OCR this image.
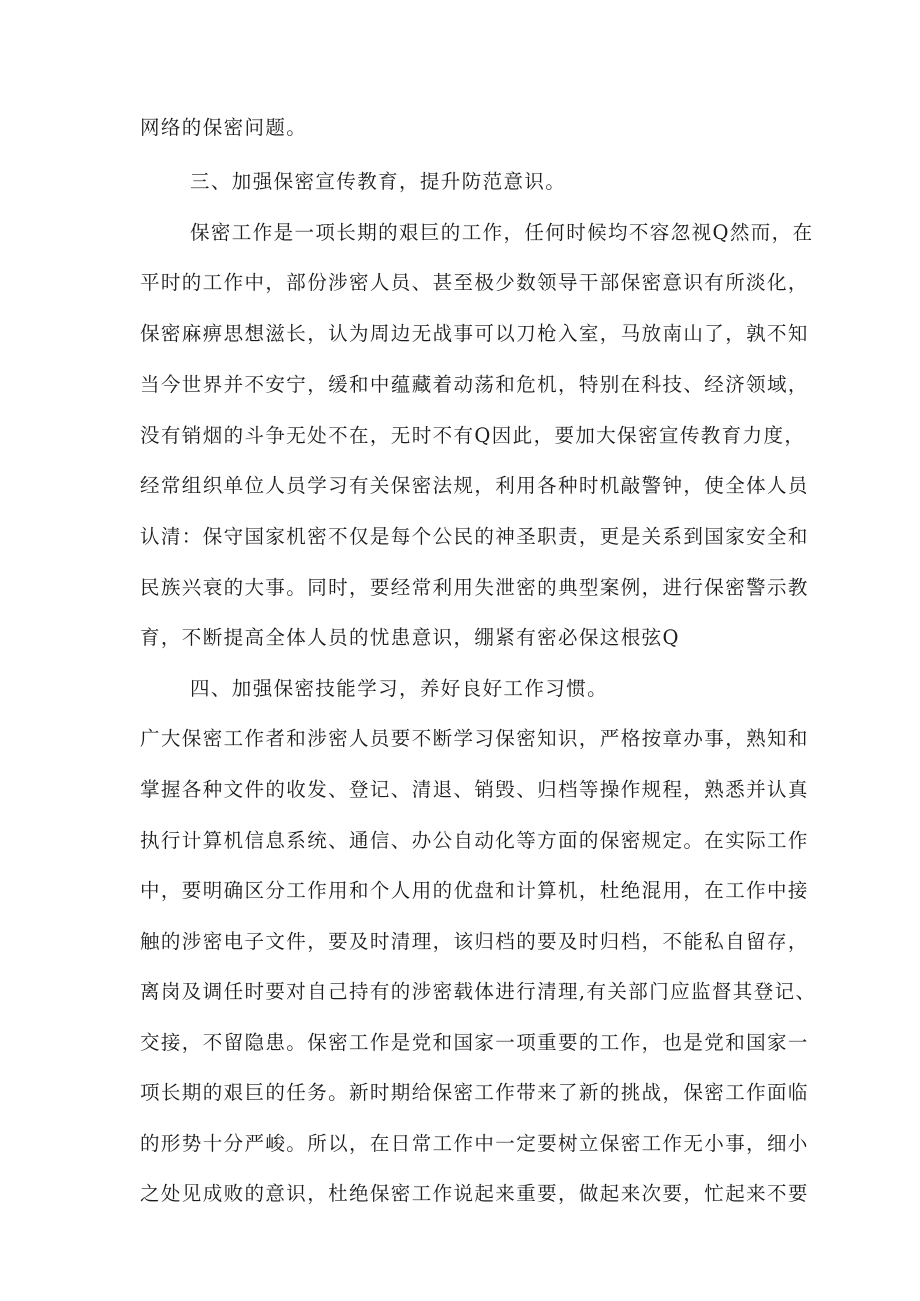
网络的保密问题。
三、加强保密宣传教育，提升防范意识。
保密工作是一项长期的艰巨的工作，任何时候均不容忽视Q然而，在
平时的工作中，部份涉密人员、甚至极少数领导干部保密意识有所淡化，
保密麻痹思想滋长，认为周边无战事可以刀枪入室，马放南山了，孰不知
当今世界并不安宁，缓和中蕴藏着动荡和危机，特别在科技、经济领域，
没有销烟的斗争无处不在，无时不有Q因此，要加大保密宣传教育力度，
经常组织单位人员学习有关保密法规，利用各种时机敲警钟，使全体人员
认清：保守国家机密不仅是每个公民的神圣职责，更是关系到国家安全和
民族兴衰的大事。同时，要经常利用失泄密的典型案例，进行保密警示教
育，不断提高全体人员的忧患意识，绷紧有密必保这根弦Q
四、加强保密技能学习，养好良好工作习惯。
广大保密工作者和涉密人员要不断学习保密知识，严格按章办事，熟知和
掌握各种文件的收发、登记、清退、销毁、归档等操作规程，熟悉并认真
执行计算机信息系统、通信、办公自动化等方面的保密规定。在实际工作
中，要明确区分工作用和个人用的优盘和计算机，杜绝混用，在工作中接
触的涉密电子文件，要及时清理，该归档的要及时归档，不能私自留存，
离岗及调任时要对自己持有的涉密载体进行清理,有关部门应监督其登记、
交接，不留隐患。保密工作是党和国家一项重要的工作，也是党和国家一
项长期的艰巨的任务。新时期给保密工作带来了新的挑战，保密工作面临
的形势十分严峻。所以，在日常工作中一定要树立保密工作无小事，细小
之处见成败的意识，杜绝保密工作说起来重要，做起来次要，忙起来不要
